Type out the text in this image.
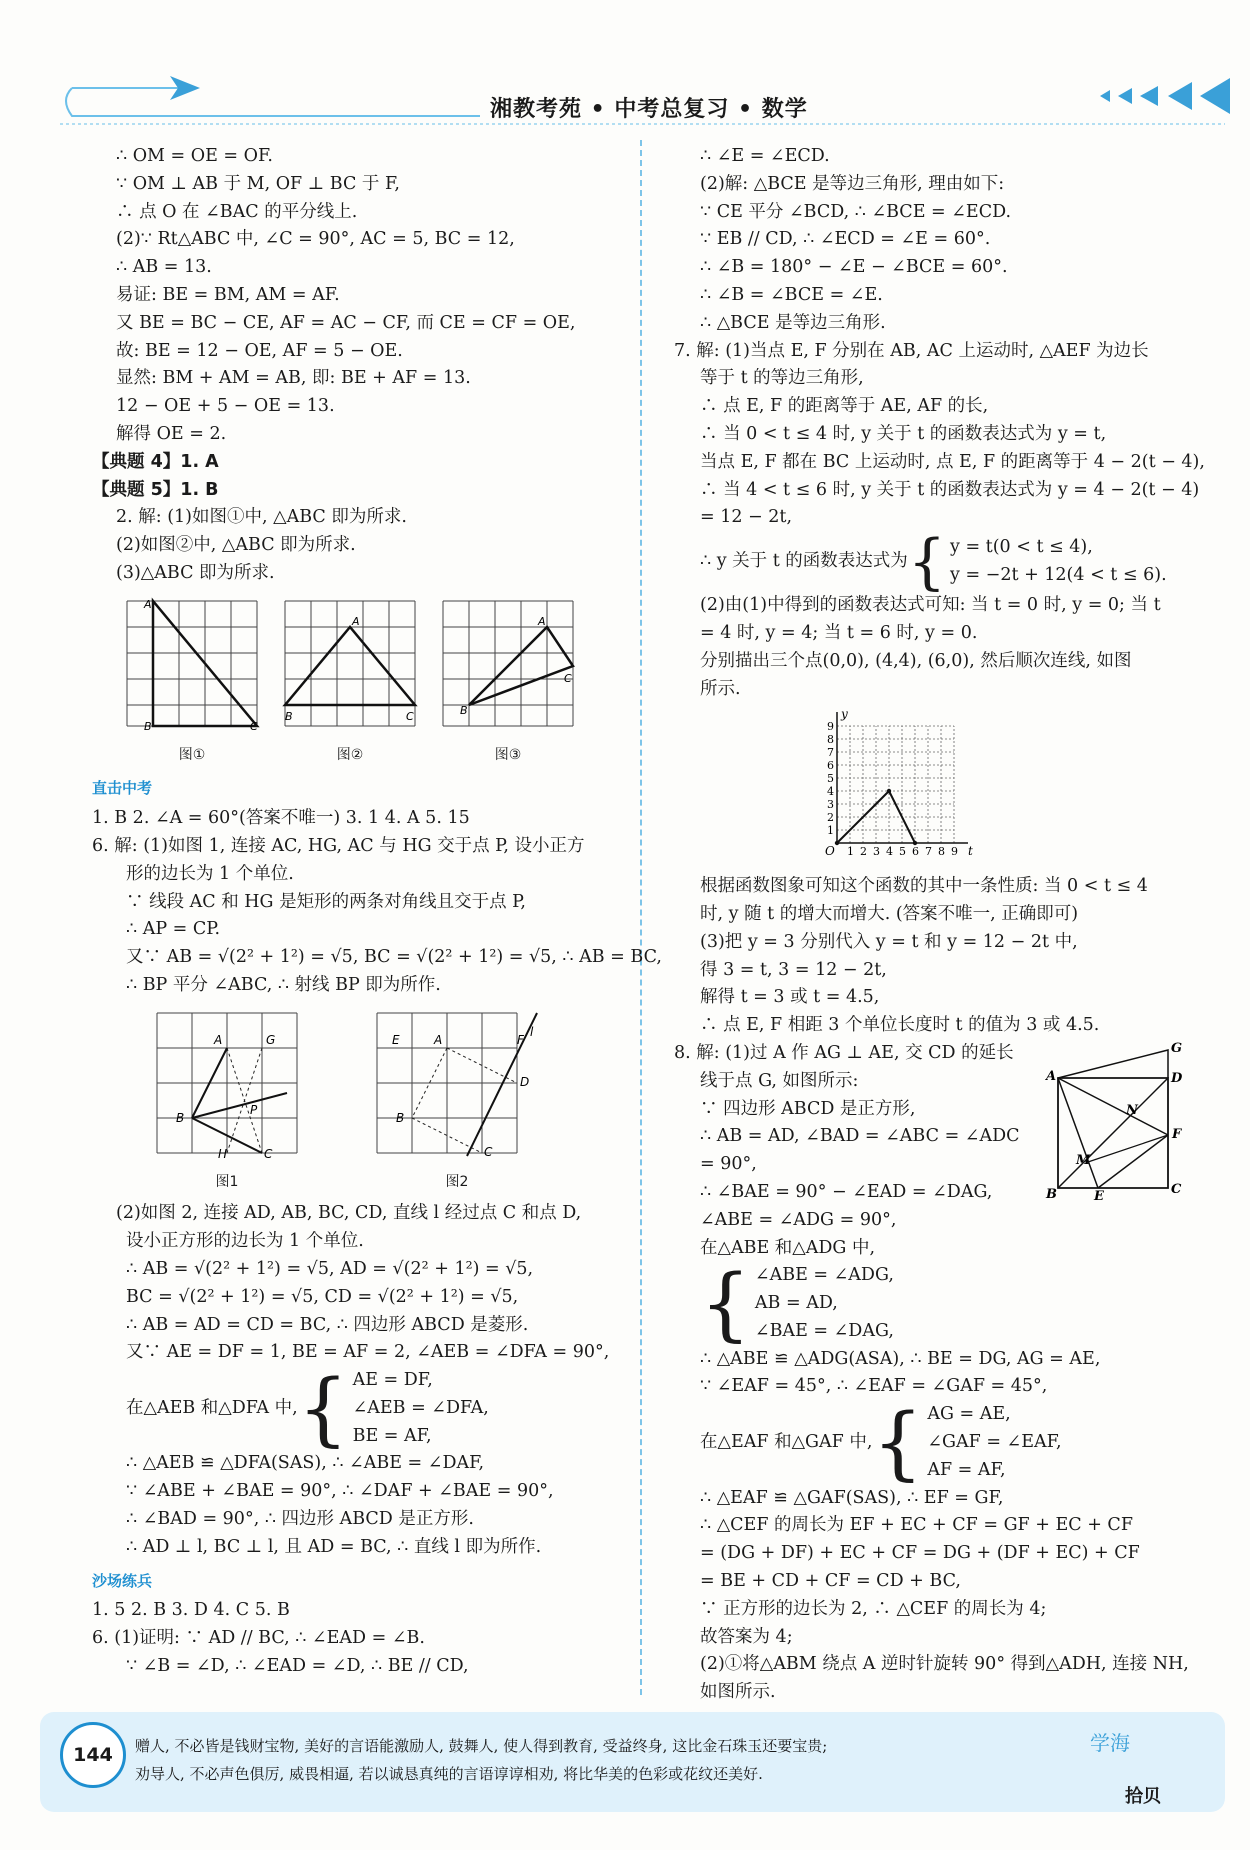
湘教考苑 • 中考总复习 • 数学
∴ OM = OE = OF.
∵ OM ⊥ AB 于 M, OF ⊥ BC 于 F,
∴ 点 O 在 ∠BAC 的平分线上.
(2)∵ Rt△ABC 中, ∠C = 90°, AC = 5, BC = 12,
∴ AB = 13.
易证: BE = BM, AM = AF.
又 BE = BC − CE, AF = AC − CF, 而 CE = CF = OE,
故: BE = 12 − OE, AF = 5 − OE.
显然: BM + AM = AB, 即: BE + AF = 13.
12 − OE + 5 − OE = 13.
解得 OE = 2.
【典题 4】1. A
【典题 5】1. B
2. 解: (1)如图①中, △ABC 即为所求.
(2)如图②中, △ABC 即为所求.
(3)△ABC 即为所求.
A
B	C
图①
A
B	C
图②
A
B
C
图③
直击中考
1. B 2. ∠A = 60°(答案不唯一) 3. 1 4. A 5. 15
6. 解: (1)如图 1, 连接 AC, HG, AC 与 HG 交于点 P, 设小正方
形的边长为 1 个单位.
∵ 线段 AC 和 HG 是矩形的两条对角线且交于点 P,
∴ AP = CP.
又∵ AB = √(2² + 1²) = √5, BC = √(2² + 1²) = √5, ∴ AB = BC,
∴ BP 平分 ∠ABC, ∴ 射线 BP 即为所作.
A	G
B
P
H	C
图1
E	A	F
l
B
D
C
图2
(2)如图 2, 连接 AD, AB, BC, CD, 直线 l 经过点 C 和点 D,
设小正方形的边长为 1 个单位.
∴ AB = √(2² + 1²) = √5, AD = √(2² + 1²) = √5,
BC = √(2² + 1²) = √5, CD = √(2² + 1²) = √5,
∴ AB = AD = CD = BC, ∴ 四边形 ABCD 是菱形.
又∵ AE = DF = 1, BE = AF = 2, ∠AEB = ∠DFA = 90°,
在△AEB 和△DFA 中, { AE = DF,
∠AEB = ∠DFA,
BE = AF,
∴ △AEB ≌ △DFA(SAS), ∴ ∠ABE = ∠DAF,
∵ ∠ABE + ∠BAE = 90°, ∴ ∠DAF + ∠BAE = 90°,
∴ ∠BAD = 90°, ∴ 四边形 ABCD 是正方形.
∴ AD ⊥ l, BC ⊥ l, 且 AD = BC, ∴ 直线 l 即为所作.
沙场练兵
1. 5 2. B 3. D 4. C 5. B
6. (1)证明: ∵ AD // BC, ∴ ∠EAD = ∠B.
∵ ∠B = ∠D, ∴ ∠EAD = ∠D, ∴ BE // CD,
∴ ∠E = ∠ECD.
(2)解: △BCE 是等边三角形, 理由如下:
∵ CE 平分 ∠BCD, ∴ ∠BCE = ∠ECD.
∵ EB // CD, ∴ ∠ECD = ∠E = 60°.
∴ ∠B = 180° − ∠E − ∠BCE = 60°.
∴ ∠B = ∠BCE = ∠E.
∴ △BCE 是等边三角形.
7. 解: (1)当点 E, F 分别在 AB, AC 上运动时, △AEF 为边长
等于 t 的等边三角形,
∴ 点 E, F 的距离等于 AE, AF 的长,
∴ 当 0 < t ≤ 4 时, y 关于 t 的函数表达式为 y = t,
当点 E, F 都在 BC 上运动时, 点 E, F 的距离等于 4 − 2(t − 4),
∴ 当 4 < t ≤ 6 时, y 关于 t 的函数表达式为 y = 4 − 2(t − 4)
= 12 − 2t,
∴ y 关于 t 的函数表达式为 { y = t(0 < t ≤ 4),
y = −2t + 12(4 < t ≤ 6).
(2)由(1)中得到的函数表达式可知: 当 t = 0 时, y = 0; 当 t
= 4 时, y = 4; 当 t = 6 时, y = 0.
分别描出三个点(0,0), (4,4), (6,0), 然后顺次连线, 如图
所示.
t
y
O 1 2 3 4 5 6 7 8 9
1
2
3
4
5
6
7
8
9
根据函数图象可知这个函数的其中一条性质: 当 0 < t ≤ 4
时, y 随 t 的增大而增大. (答案不唯一, 正确即可)
(3)把 y = 3 分别代入 y = t 和 y = 12 − 2t 中,
得 3 = t, 3 = 12 − 2t,
解得 t = 3 或 t = 4.5,
∴ 点 E, F 相距 3 个单位长度时 t 的值为 3 或 4.5.
8. 解: (1)过 A 作 AG ⊥ AE, 交 CD 的延长
线于点 G, 如图所示:
∵ 四边形 ABCD 是正方形,
∴ AB = AD, ∠BAD = ∠ABC = ∠ADC
= 90°,
∴ ∠BAE = 90° − ∠EAD = ∠DAG,
∠ABE = ∠ADG = 90°,
A	D
G
N
F
M
B	E	C
在△ABE 和△ADG 中,
{ ∠ABE = ∠ADG,
AB = AD,
∠BAE = ∠DAG,
∴ △ABE ≌ △ADG(ASA), ∴ BE = DG, AG = AE,
∵ ∠EAF = 45°, ∴ ∠EAF = ∠GAF = 45°,
在△EAF 和△GAF 中, { AG = AE,
∠GAF = ∠EAF,
AF = AF,
∴ △EAF ≌ △GAF(SAS), ∴ EF = GF,
∴ △CEF 的周长为 EF + EC + CF = GF + EC + CF
= (DG + DF) + EC + CF = DG + (DF + EC) + CF
= BE + CD + CF = CD + BC,
∵ 正方形的边长为 2, ∴ △CEF 的周长为 4;
故答案为 4;
(2)①将△ABM 绕点 A 逆时针旋转 90° 得到△ADH, 连接 NH,
如图所示.
144	赠人, 不必皆是钱财宝物, 美好的言语能激励人, 鼓舞人, 使人得到教育, 受益终身, 这比金石珠玉还要宝贵;
劝导人, 不必声色俱厉, 威畏相逼, 若以诚恳真纯的言语谆谆相劝, 将比华美的色彩或花纹还美好.
学海
拾贝
